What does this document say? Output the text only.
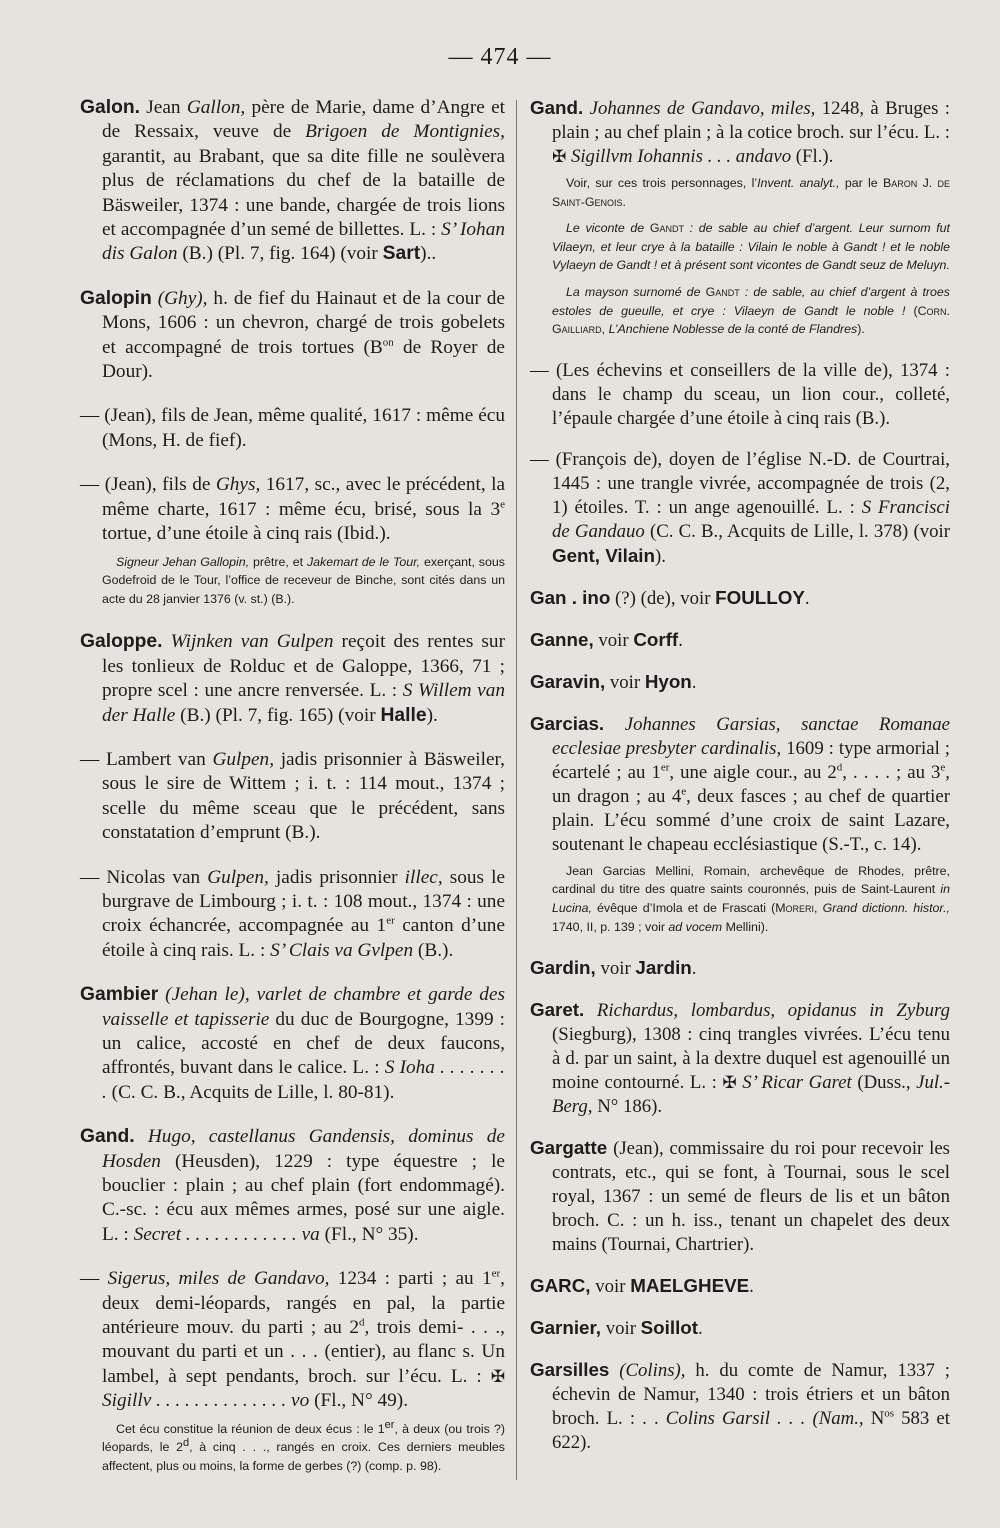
— 474 —

Galon. Jean Gallon, père de Marie, dame d’Angre et de Ressaix, veuve de Brigoen de Montignies, garantit, au Brabant, que sa dite fille ne soulèvera plus de réclamations du chef de la bataille de Bäsweiler, 1374 : une bande, chargée de trois lions et accompagnée d’un semé de billettes. L. : S’ Iohan dis Galon (B.) (Pl. 7, fig. 164) (voir Sart)..

Galopin (Ghy), h. de fief du Hainaut et de la cour de Mons, 1606 : un chevron, chargé de trois gobelets et accompagné de trois tortues ($B^{on}$ de Royer de Dour).

— (Jean), fils de Jean, même qualité, 1617 : même écu (Mons, H. de fief).

— (Jean), fils de Ghys, 1617, sc., avec le précédent, la même charte, 1617 : même écu, brisé, sous la 3e tortue, d’une étoile à cinq rais (Ibid.).

Signeur Jehan Gallopin, prêtre, et Jakemart de le Tour, exerçant, sous Godefroid de le Tour, l’office de receveur de Binche, sont cités dans un acte du 28 janvier 1376 (v. st.) (B.).

Galoppe. Wijnken van Gulpen reçoit des rentes sur les tonlieux de Rolduc et de Galoppe, 1366, 71 ; propre scel : une ancre renversée. L. : S Willem van der Halle (B.) (Pl. 7, fig. 165) (voir Halle).

— Lambert van Gulpen, jadis prisonnier à Bäsweiler, sous le sire de Wittem ; i. t. : 114 mout., 1374 ; scelle du même sceau que le précédent, sans constatation d’emprunt (B.).

— Nicolas van Gulpen, jadis prisonnier illec, sous le burgrave de Limbourg ; i. t. : 108 mout., 1374 : une croix échancrée, accompagnée au 1er canton d’une étoile à cinq rais. L. : S’ Clais va Gvlpen (B.).

Gambier (Jehan le), varlet de chambre et garde des vaisselle et tapisserie du duc de Bourgogne, 1399 : un calice, accosté en chef de deux faucons, affrontés, buvant dans le calice. L. : S Ioha . . . . . . . . (C. C. B., Acquits de Lille, l. 80-81).

Gand. Hugo, castellanus Gandensis, dominus de Hosden (Heusden), 1229 : type équestre ; le bouclier : plain ; au chef plain (fort endommagé). C.-sc. : écu aux mêmes armes, posé sur une aigle. L. : Secret . . . . . . . . . . . . va (Fl., N° 35).

— Sigerus, miles de Gandavo, 1234 : parti ; au 1er, deux demi-léopards, rangés en pal, la partie antérieure mouv. du parti ; au 2$^d$, trois demi- . . ., mouvant du parti et un . . . (entier), au flanc s. Un lambel, à sept pendants, broch. sur l’écu. L. : ✠ Sigillv . . . . . . . . . . . . . . vo (Fl., N° 49).

Cet écu constitue la réunion de deux écus : le 1er, à deux (ou trois ?) léopards, le 2$^d$, à cinq . . ., rangés en croix. Ces derniers meubles affectent, plus ou moins, la forme de gerbes (?) (comp. p. 98).

Gand. Johannes de Gandavo, miles, 1248, à Bruges : plain ; au chef plain ; à la cotice broch. sur l’écu. L. : ✠ Sigillvm Iohannis . . . andavo (Fl.).

Voir, sur ces trois personnages, l’Invent. analyt., par le Baron J. de Saint-Genois.

Le viconte de Gandt : de sable au chief d’argent. Leur surnom fut Vilaeyn, et leur crye à la bataille : Vilain le noble à Gandt ! et le noble Vylaeyn de Gandt ! et à présent sont vicontes de Gandt seuz de Meluyn.

La mayson surnomé de Gandt : de sable, au chief d’argent à troes estoles de gueulle, et crye : Vilaeyn de Gandt le noble ! (Corn. Gailliard, L’Anchiene Noblesse de la conté de Flandres).

— (Les échevins et conseillers de la ville de), 1374 : dans le champ du sceau, un lion cour., colleté, l’épaule chargée d’une étoile à cinq rais (B.).

— (François de), doyen de l’église N.-D. de Courtrai, 1445 : une trangle vivrée, accompagnée de trois (2, 1) étoiles. T. : un ange agenouillé. L. : S Francisci de Gandauo (C. C. B., Acquits de Lille, l. 378) (voir Gent, Vilain).

Gan . ino (?) (de), voir FOULLOY.

Ganne, voir Corff.

Garavin, voir Hyon.

Garcias. Johannes Garsias, sanctae Romanae ecclesiae presbyter cardinalis, 1609 : type armorial ; écartelé ; au 1er, une aigle cour., au 2$^d$, . . . . ; au 3e, un dragon ; au 4e, deux fasces ; au chef de quartier plain. L’écu sommé d’une croix de saint Lazare, soutenant le chapeau ecclésiastique (S.-T., c. 14).

Jean Garcias Mellini, Romain, archevêque de Rhodes, prêtre, cardinal du titre des quatre saints couronnés, puis de Saint-Laurent in Lucina, évêque d’Imola et de Frascati (Moreri, Grand dictionn. histor., 1740, II, p. 139 ; voir ad vocem Mellini).

Gardin, voir Jardin.

Garet. Richardus, lombardus, opidanus in Zyburg (Siegburg), 1308 : cinq trangles vivrées. L’écu tenu à d. par un saint, à la dextre duquel est agenouillé un moine contourné. L. : ✠ S’ Ricar Garet (Duss., Jul.-Berg, N° 186).

Gargatte (Jean), commissaire du roi pour recevoir les contrats, etc., qui se font, à Tournai, sous le scel royal, 1367 : un semé de fleurs de lis et un bâton broch. C. : un h. iss., tenant un chapelet des deux mains (Tournai, Chartrier).

GARC, voir MAELGHEVE.

Garnier, voir Soillot.

Garsilles (Colins), h. du comte de Namur, 1337 ; échevin de Namur, 1340 : trois étriers et un bâton broch. L. : . . Colins Garsil . . . (Nam., $N^{os}$ 583 et 622).
